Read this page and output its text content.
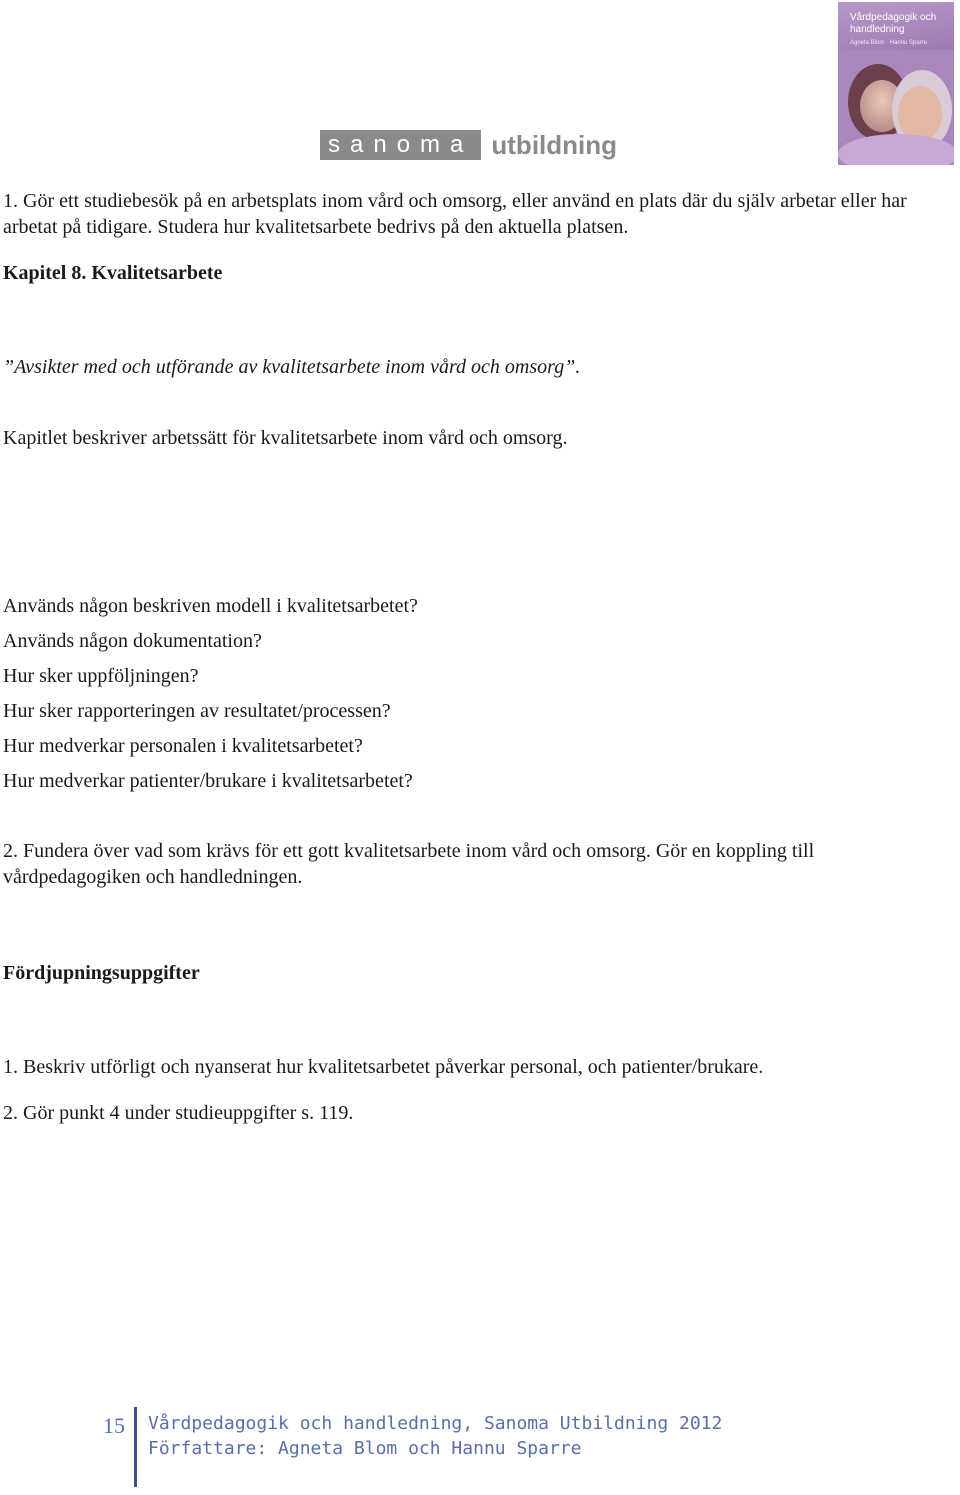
sanoma utbildning
Vårdpedagogik och handledning
Agneta Blom · Hannu Sparre
Kapitel 8. Kvalitetsarbete
”Avsikter med och utförande av kvalitetsarbete inom vård och omsorg”.
Kapitlet beskriver arbetssätt för kvalitetsarbete inom vård och omsorg.
1. Gör ett studiebesök på en arbetsplats inom vård och omsorg, eller använd en plats där du själv arbetar eller har arbetat på tidigare. Studera hur kvalitetsarbete bedrivs på den aktuella platsen.
Används någon beskriven modell i kvalitetsarbetet?
Används någon dokumentation?
Hur sker uppföljningen?
Hur sker rapporteringen av resultatet/processen?
Hur medverkar personalen i kvalitetsarbetet?
Hur medverkar patienter/brukare i kvalitetsarbetet?
2. Fundera över vad som krävs för ett gott kvalitetsarbete inom vård och omsorg. Gör en koppling till vårdpedagogiken och handledningen.
Fördjupningsuppgifter
1. Beskriv utförligt och nyanserat hur kvalitetsarbetet påverkar personal, och patienter/brukare.
2. Gör punkt 4 under studieuppgifter s. 119.
15 Vårdpedagogik och handledning, Sanoma Utbildning 2012
Författare: Agneta Blom och Hannu Sparre
